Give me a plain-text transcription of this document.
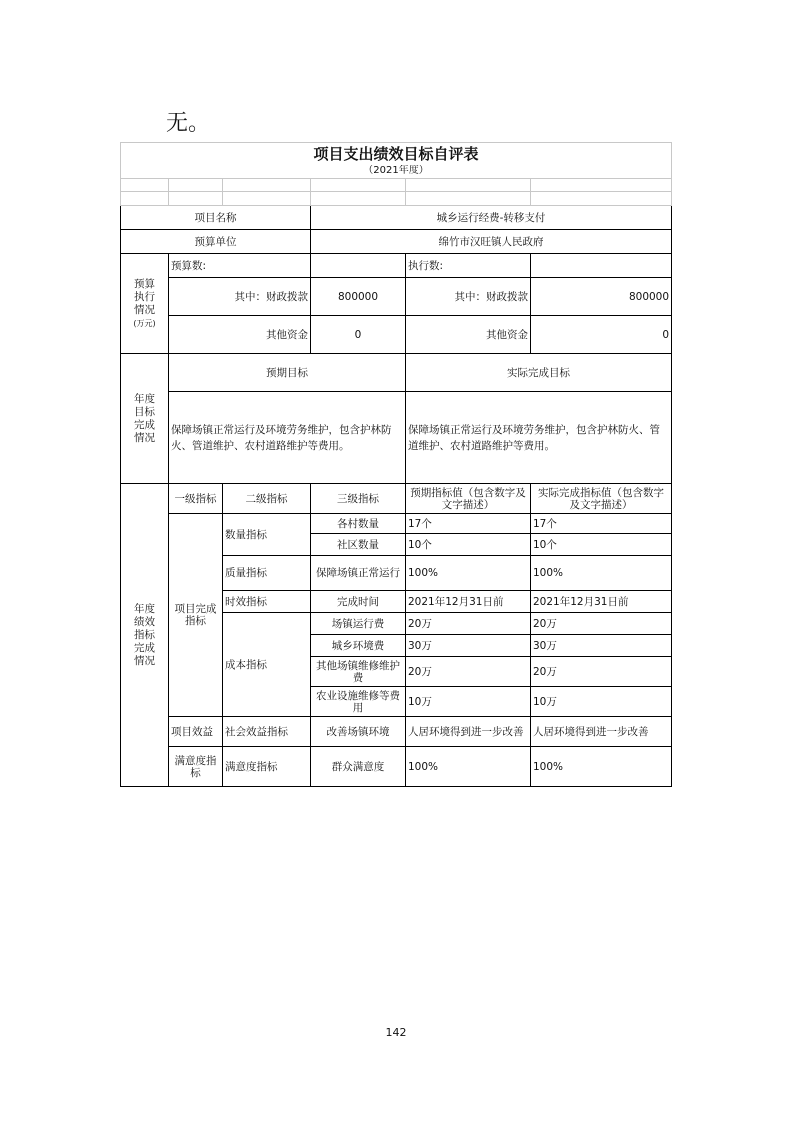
无。
项目支出绩效目标自评表					
（2021年度）					

项目名称			城乡运行经费-转移支付		
预算单位			绵竹市汉旺镇人民政府		

预算
执行
情况
(万元)	预算数:			执行数:	
	其中：财政拨款		800000	其中：财政拨款	800000
	其他资金		0	其他资金	0

年度
目标
完成
情况	预期目标			实际完成目标	
	保障场镇正常运行及环境劳务维护，包含护林防火、管道维护、农村道路维护等费用。			保障场镇正常运行及环境劳务维护，包含护林防火、管道维护、农村道路维护等费用。	

年度
绩效
指标
完成
情况	一级指标	二级指标	三级指标	预期指标值（包含数字及文字描述）	实际完成指标值（包含数字及文字描述）
	项目完成指标	数量指标	各村数量	17个	17个
			社区数量	10个	10个
		质量指标	保障场镇正常运行	100%	100%
		时效指标	完成时间	2021年12月31日前	2021年12月31日前
		成本指标	场镇运行费	20万	20万
			城乡环境费	30万	30万
			其他场镇维修维护费	20万	20万
			农业设施维修等费用	10万	10万
	项目效益	社会效益指标	改善场镇环境	人居环境得到进一步改善	人居环境得到进一步改善
	满意度指标	满意度指标	群众满意度	100%	100%
142
